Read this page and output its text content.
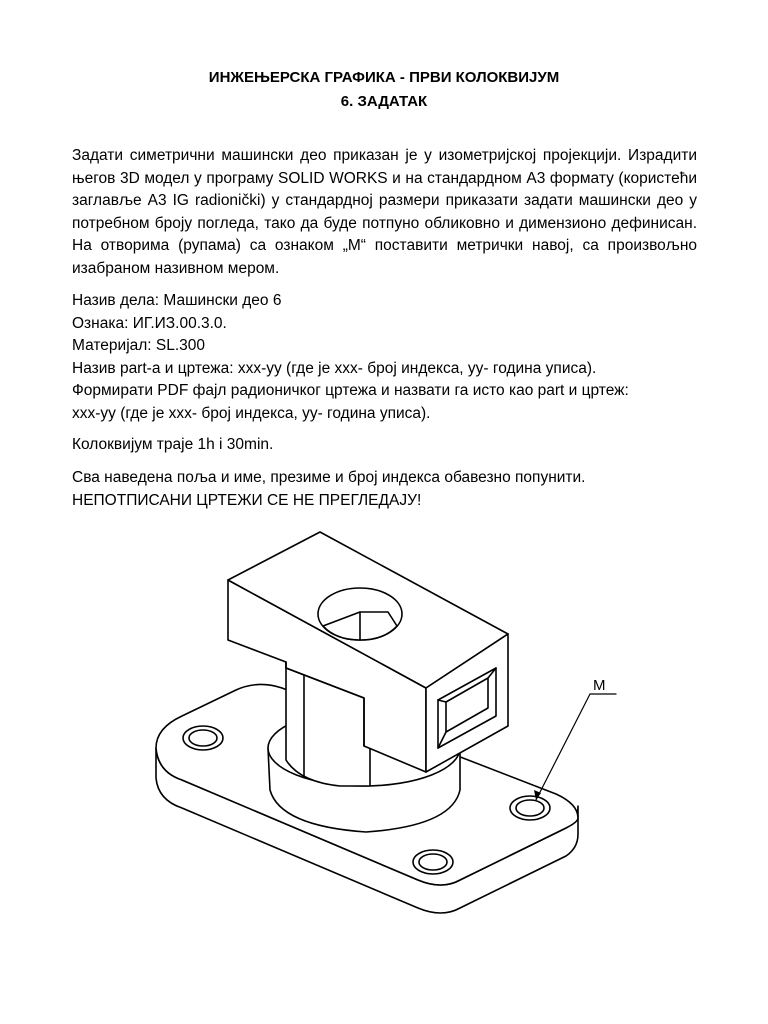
ИНЖЕЊЕРСКА ГРАФИКА - ПРВИ КОЛОКВИЈУМ
6. ЗАДАТАК
Задати симетрични машински део приказан је у изометријској пројекцији. Израдити његов 3D модел у програму SOLID WORKS и на стандардном А3 формату (користећи заглавље A3 IG radionički) у стандардној размери приказати задати машински део у потребном броју погледа, тако да буде потпуно обликовно и димензионо дефинисан. На отворима (рупама) са ознаком „М“ поставити метрички навој, са произвољно изабраном називном мером.
Назив дела: Машински део 6
Ознака: ИГ.ИЗ.00.3.0.
Материјал: SL.300
Назив part-a и цртежа: xxx-yy (где је xxx- број индекса, yy- година уписа).
Формирати PDF фајл радионичког цртежа и назвати га исто као part и цртеж:
xxx-yy (где је xxx- број индекса, yy- година уписа).
Колоквијум траје 1h i 30min.
Сва наведена поља и име, презиме и број индекса обавезно попунити.
НЕПОТПИСАНИ ЦРТЕЖИ СЕ НЕ ПРЕГЛЕДАЈУ!
M
